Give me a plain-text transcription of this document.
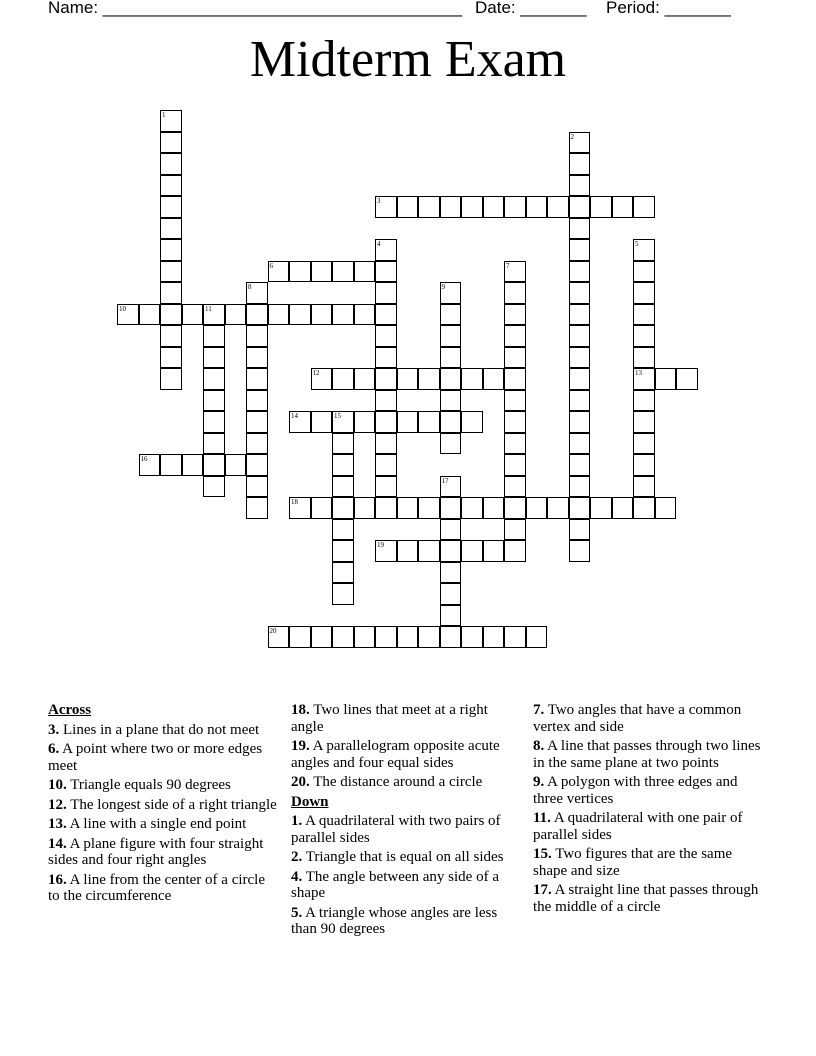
Name: ______________________________________ Date: _______ Period: _______
Midterm Exam
1
2
3
4	5
13
6	7
8	9
10	11
12
14	15
16
17
18
19
20
Across
3. Lines in a plane that do not meet
6. A point where two or more edges meet
10. Triangle equals 90 degrees
12. The longest side of a right triangle
13. A line with a single end point
14. A plane figure with four straight sides and four right angles
16. A line from the center of a circle to the circumference
18. Two lines that meet at a right angle
19. A parallelogram opposite acute angles and four equal sides
20. The distance around a circle
Down
1. A quadrilateral with two pairs of parallel sides
2. Triangle that is equal on all sides
4. The angle between any side of a shape
5. A triangle whose angles are less than 90 degrees
7. Two angles that have a common vertex and side
8. A line that passes through two lines in the same plane at two points
9. A polygon with three edges and three vertices
11. A quadrilateral with one pair of parallel sides
15. Two figures that are the same shape and size
17. A straight line that passes through the middle of a circle
